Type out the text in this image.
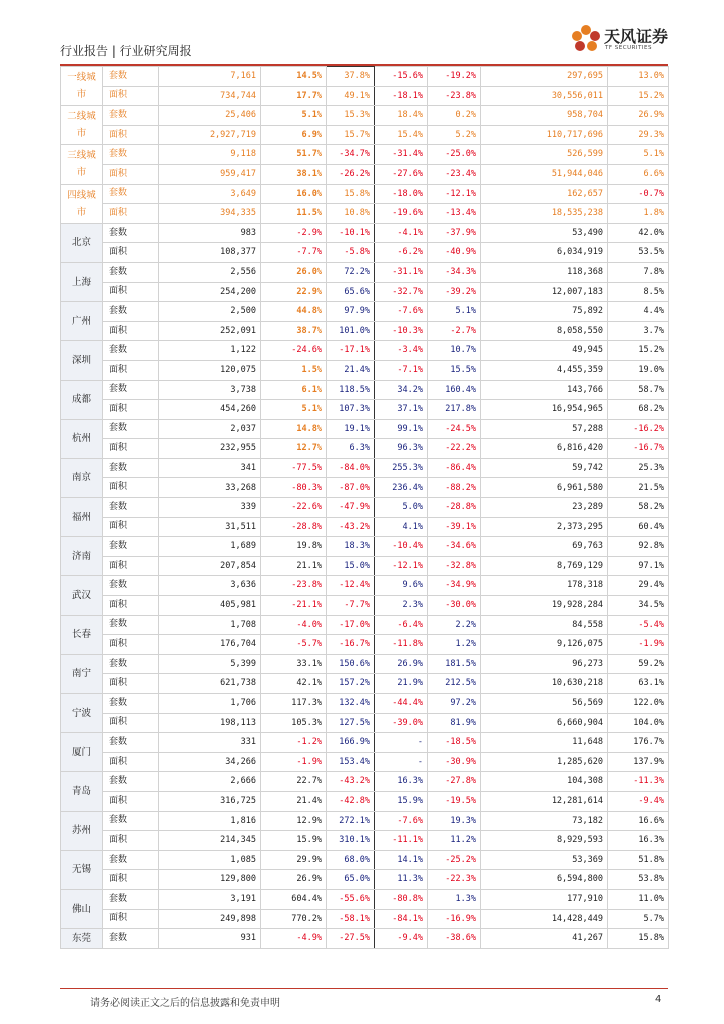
行业报告 | 行业研究周报
天风证券
TF SECURITIES
一线城市	套数	7,161	14.5%	37.8%	-15.6%	-19.2%	297,695	13.0%
	面积	734,744	17.7%	49.1%	-18.1%	-23.8%	30,556,011	15.2%
二线城市	套数	25,406	5.1%	15.3%	18.4%	0.2%	958,704	26.9%
	面积	2,927,719	6.9%	15.7%	15.4%	5.2%	110,717,696	29.3%
三线城市	套数	9,118	51.7%	-34.7%	-31.4%	-25.0%	526,599	5.1%
	面积	959,417	38.1%	-26.2%	-27.6%	-23.4%	51,944,046	6.6%
四线城市	套数	3,649	16.0%	15.8%	-18.0%	-12.1%	162,657	-0.7%
	面积	394,335	11.5%	10.8%	-19.6%	-13.4%	18,535,238	1.8%
北京	套数	983	-2.9%	-10.1%	-4.1%	-37.9%	53,490	42.0%
	面积	108,377	-7.7%	-5.8%	-6.2%	-40.9%	6,034,919	53.5%
上海	套数	2,556	26.0%	72.2%	-31.1%	-34.3%	118,368	7.8%
	面积	254,200	22.9%	65.6%	-32.7%	-39.2%	12,007,183	8.5%
广州	套数	2,500	44.8%	97.9%	-7.6%	5.1%	75,892	4.4%
	面积	252,091	38.7%	101.0%	-10.3%	-2.7%	8,058,550	3.7%
深圳	套数	1,122	-24.6%	-17.1%	-3.4%	10.7%	49,945	15.2%
	面积	120,075	1.5%	21.4%	-7.1%	15.5%	4,455,359	19.0%
成都	套数	3,738	6.1%	118.5%	34.2%	160.4%	143,766	58.7%
	面积	454,260	5.1%	107.3%	37.1%	217.8%	16,954,965	68.2%
杭州	套数	2,037	14.8%	19.1%	99.1%	-24.5%	57,288	-16.2%
	面积	232,955	12.7%	6.3%	96.3%	-22.2%	6,816,420	-16.7%
南京	套数	341	-77.5%	-84.0%	255.3%	-86.4%	59,742	25.3%
	面积	33,268	-80.3%	-87.0%	236.4%	-88.2%	6,961,580	21.5%
福州	套数	339	-22.6%	-47.9%	5.0%	-28.8%	23,289	58.2%
	面积	31,511	-28.8%	-43.2%	4.1%	-39.1%	2,373,295	60.4%
济南	套数	1,689	19.8%	18.3%	-10.4%	-34.6%	69,763	92.8%
	面积	207,854	21.1%	15.0%	-12.1%	-32.8%	8,769,129	97.1%
武汉	套数	3,636	-23.8%	-12.4%	9.6%	-34.9%	178,318	29.4%
	面积	405,981	-21.1%	-7.7%	2.3%	-30.0%	19,928,284	34.5%
长春	套数	1,708	-4.0%	-17.0%	-6.4%	2.2%	84,558	-5.4%
	面积	176,704	-5.7%	-16.7%	-11.8%	1.2%	9,126,075	-1.9%
南宁	套数	5,399	33.1%	150.6%	26.9%	181.5%	96,273	59.2%
	面积	621,738	42.1%	157.2%	21.9%	212.5%	10,630,218	63.1%
宁波	套数	1,706	117.3%	132.4%	-44.4%	97.2%	56,569	122.0%
	面积	198,113	105.3%	127.5%	-39.0%	81.9%	6,660,904	104.0%
厦门	套数	331	-1.2%	166.9%	-	-18.5%	11,648	176.7%
	面积	34,266	-1.9%	153.4%	-	-30.9%	1,285,620	137.9%
青岛	套数	2,666	22.7%	-43.2%	16.3%	-27.8%	104,308	-11.3%
	面积	316,725	21.4%	-42.8%	15.9%	-19.5%	12,281,614	-9.4%
苏州	套数	1,816	12.9%	272.1%	-7.6%	19.3%	73,182	16.6%
	面积	214,345	15.9%	310.1%	-11.1%	11.2%	8,929,593	16.3%
无锡	套数	1,085	29.9%	68.0%	14.1%	-25.2%	53,369	51.8%
	面积	129,800	26.9%	65.0%	11.3%	-22.3%	6,594,800	53.8%
佛山	套数	3,191	604.4%	-55.6%	-80.8%	1.3%	177,910	11.0%
	面积	249,898	770.2%	-58.1%	-84.1%	-16.9%	14,428,449	5.7%
东莞	套数	931	-4.9%	-27.5%	-9.4%	-38.6%	41,267	15.8%
请务必阅读正文之后的信息披露和免责申明	4
